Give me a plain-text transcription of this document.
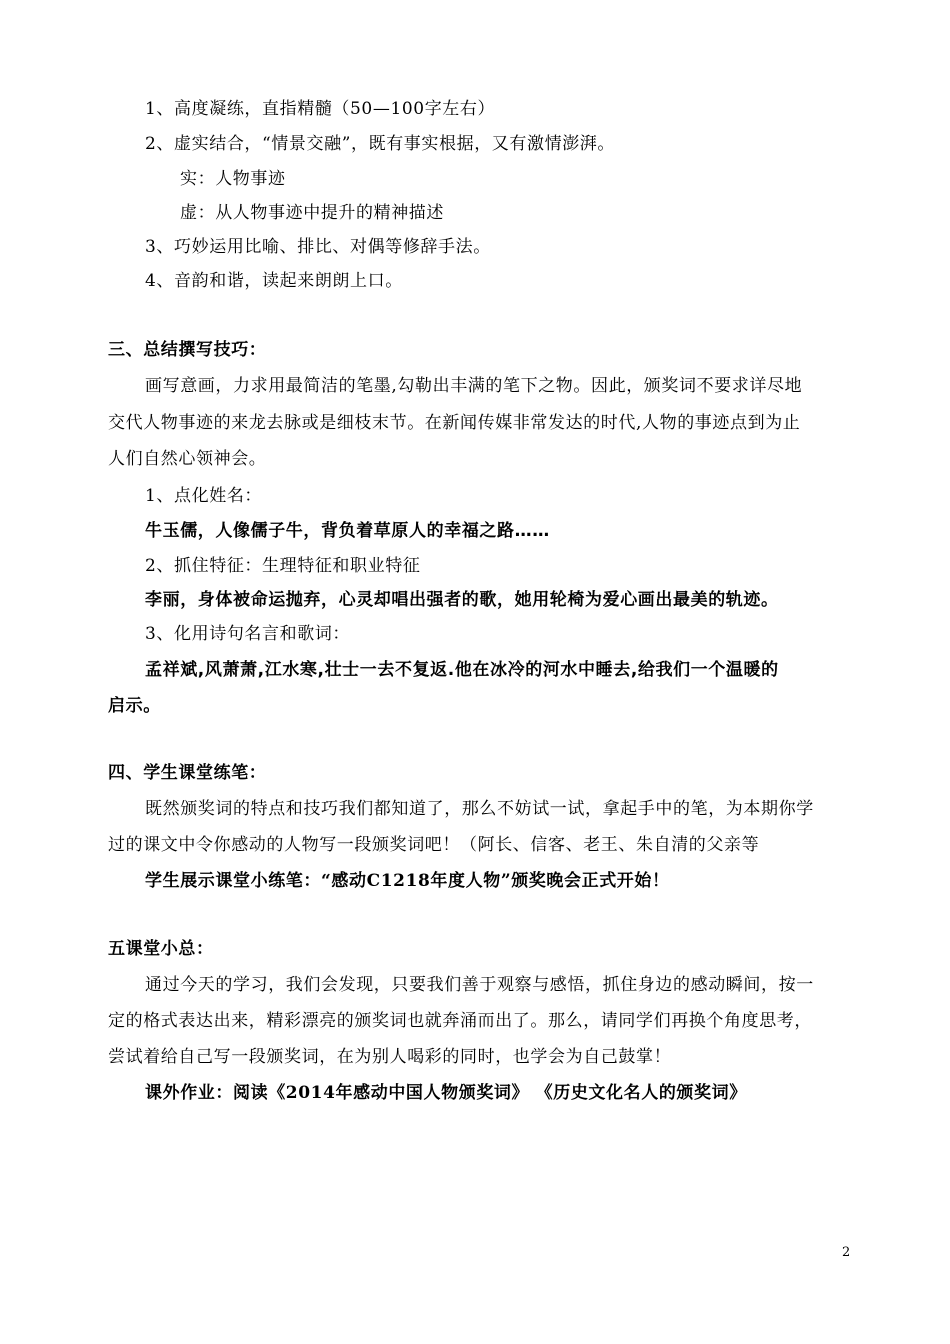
1、高度凝练，直指精髓（50—100字左右）
2、虚实结合，“情景交融”，既有事实根据，又有激情澎湃。
实：人物事迹
虚：从人物事迹中提升的精神描述
3、巧妙运用比喻、排比、对偶等修辞手法。
4、音韵和谐，读起来朗朗上口。
三、总结撰写技巧：
画写意画，力求用最简洁的笔墨,勾勒出丰满的笔下之物。因此，颁奖词不要求详尽地
交代人物事迹的来龙去脉或是细枝末节。在新闻传媒非常发达的时代,人物的事迹点到为止
人们自然心领神会。
1、点化姓名：
牛玉儒，人像儒子牛，背负着草原人的幸福之路……
2、抓住特征：生理特征和职业特征
李丽，身体被命运抛弃，心灵却唱出强者的歌，她用轮椅为爱心画出最美的轨迹。
3、化用诗句名言和歌词：
孟祥斌,风萧萧,江水寒,壮士一去不复返.他在冰冷的河水中睡去,给我们一个温暖的
启示。
四、学生课堂练笔：
既然颁奖词的特点和技巧我们都知道了，那么不妨试一试，拿起手中的笔，为本期你学
过的课文中令你感动的人物写一段颁奖词吧！（阿长、信客、老王、朱自清的父亲等
学生展示课堂小练笔：“感动C1218年度人物”颁奖晚会正式开始！
五课堂小总：
通过今天的学习，我们会发现，只要我们善于观察与感悟，抓住身边的感动瞬间，按一
定的格式表达出来，精彩漂亮的颁奖词也就奔涌而出了。那么，请同学们再换个角度思考，
尝试着给自己写一段颁奖词，在为别人喝彩的同时，也学会为自己鼓掌！
课外作业：阅读《2014年感动中国人物颁奖词》 《历史文化名人的颁奖词》
2
